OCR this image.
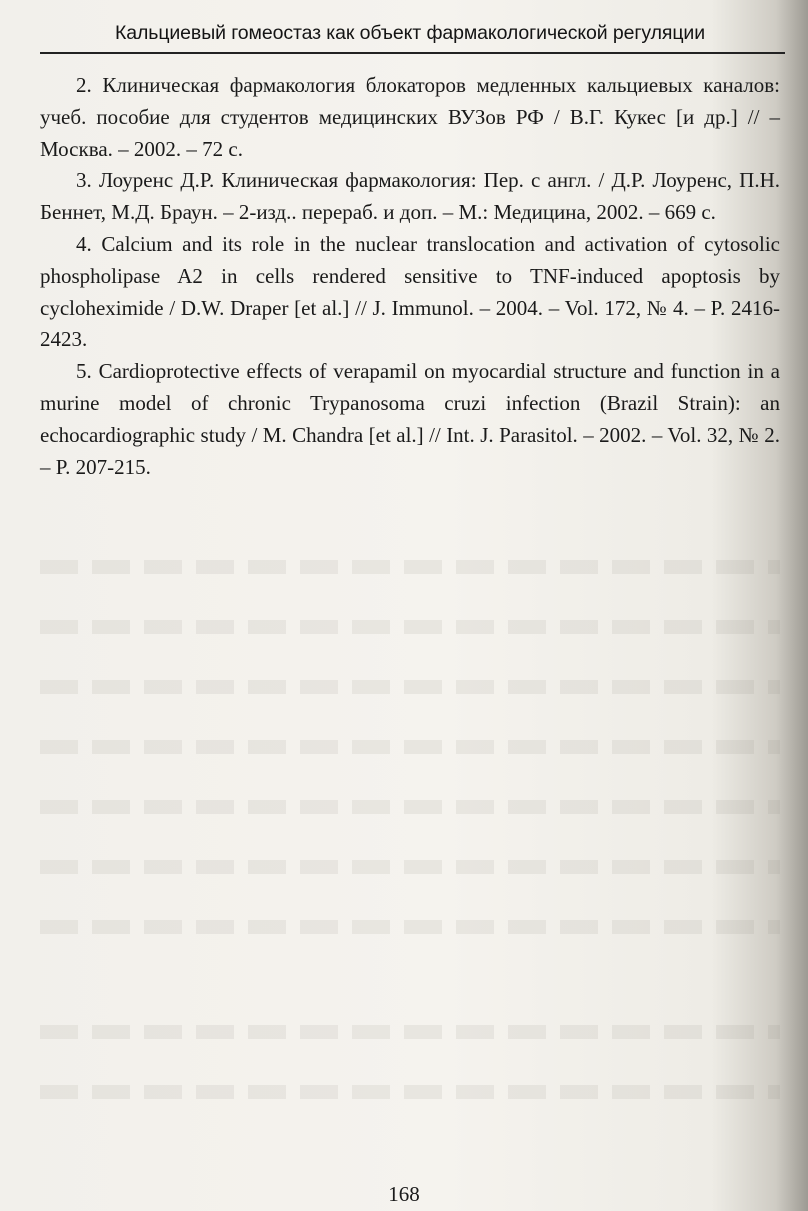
Кальциевый гомеостаз как объект фармакологической регуляции

2. Клиническая фармакология блокаторов медленных кальциевых каналов: учеб. пособие для студентов медицинских ВУЗов РФ / В.Г. Кукес [и др.] // – Москва. – 2002. – 72 с.

3. Лоуренс Д.Р. Клиническая фармакология: Пер. с англ. / Д.Р. Лоуренс, П.Н. Беннет, М.Д. Браун. – 2-изд.. перераб. и доп. – М.: Медицина, 2002. – 669 с.

4. Calcium and its role in the nuclear translocation and activation of cytosolic phospholipase A2 in cells rendered sensitive to TNF-induced apoptosis by cycloheximide / D.W. Draper [et al.] // J. Immunol. – 2004. – Vol. 172, № 4. – P. 2416-2423.

5. Cardioprotective effects of verapamil on myocardial structure and function in a murine model of chronic Trypanosoma cruzi infection (Brazil Strain): an echocardiographic study / M. Chandra [et al.] // Int. J. Parasitol. – 2002. – Vol. 32, № 2. – P. 207-215.

168
